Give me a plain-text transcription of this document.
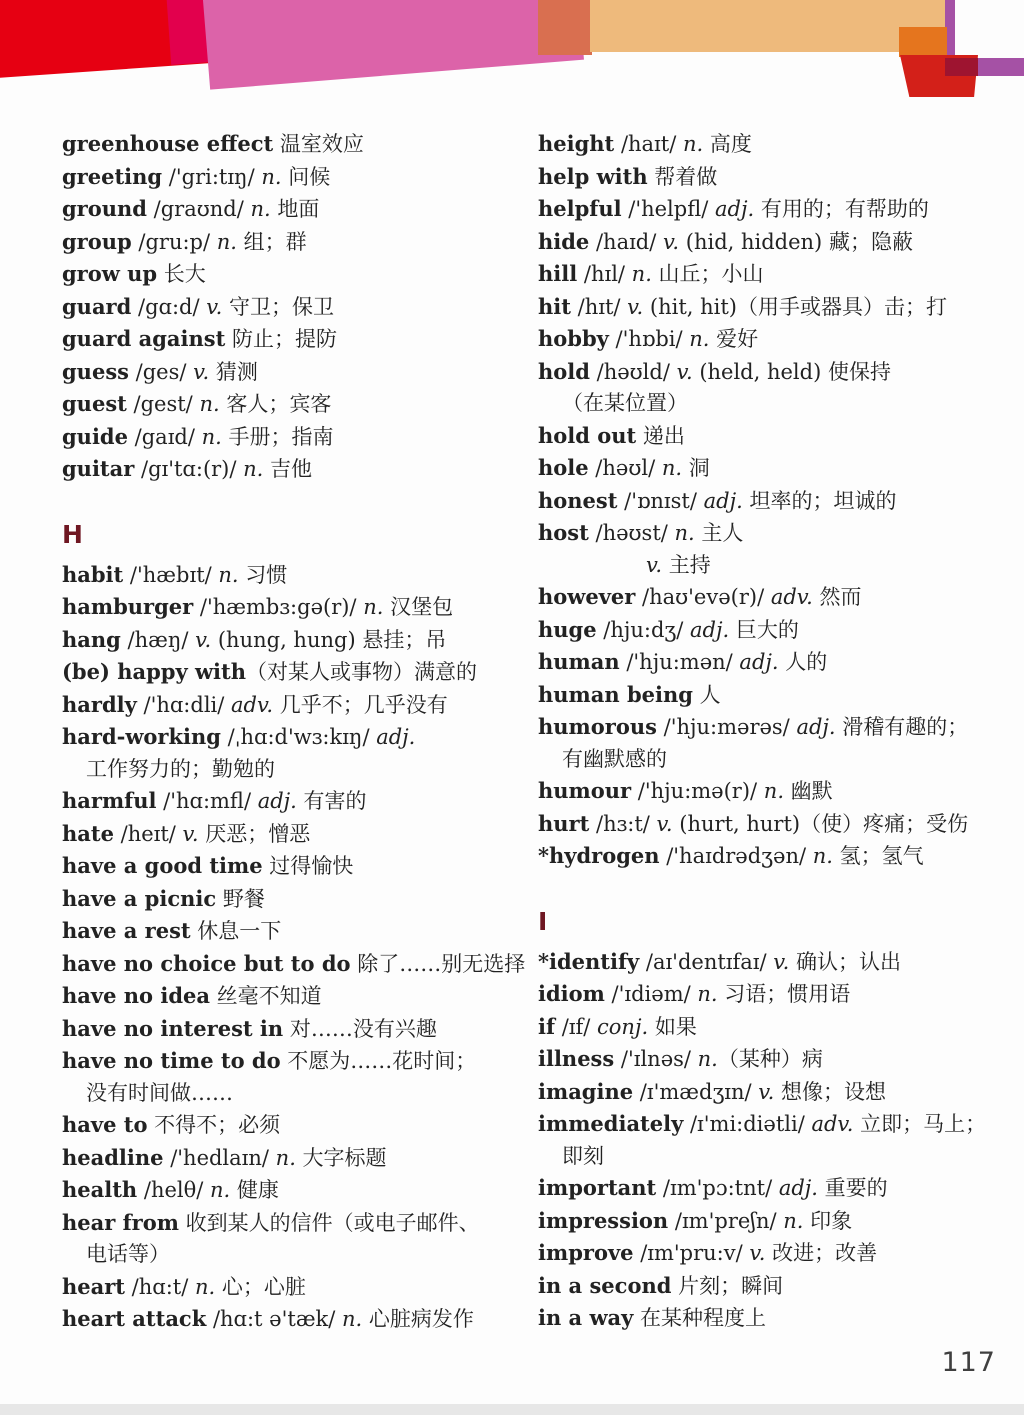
greenhouse effect 温室效应
greeting /'gri:tɪŋ/ n. 问候
ground /graʊnd/ n. 地面
group /gru:p/ n. 组；群
grow up 长大
guard /gɑ:d/ v. 守卫；保卫
guard against 防止；提防
guess /ges/ v. 猜测
guest /gest/ n. 客人；宾客
guide /gaɪd/ n. 手册；指南
guitar /gɪ'tɑ:(r)/ n. 吉他
H
habit /'hæbɪt/ n. 习惯
hamburger /'hæmbɜ:gə(r)/ n. 汉堡包
hang /hæŋ/ v. (hung, hung) 悬挂；吊
(be) happy with（对某人或事物）满意的
hardly /'hɑ:dli/ adv. 几乎不；几乎没有
hard-working /ˌhɑ:d'wɜ:kɪŋ/ adj.
工作努力的；勤勉的
harmful /'hɑ:mfl/ adj. 有害的
hate /heɪt/ v. 厌恶；憎恶
have a good time 过得愉快
have a picnic 野餐
have a rest 休息一下
have no choice but to do 除了……别无选择
have no idea 丝毫不知道
have no interest in 对……没有兴趣
have no time to do 不愿为……花时间；
没有时间做……
have to 不得不；必须
headline /'hedlaɪn/ n. 大字标题
health /helθ/ n. 健康
hear from 收到某人的信件（或电子邮件、
电话等）
heart /hɑ:t/ n. 心；心脏
heart attack /hɑ:t ə'tæk/ n. 心脏病发作
height /haɪt/ n. 高度
help with 帮着做
helpful /'helpfl/ adj. 有用的；有帮助的
hide /haɪd/ v. (hid, hidden) 藏；隐蔽
hill /hɪl/ n. 山丘；小山
hit /hɪt/ v. (hit, hit)（用手或器具）击；打
hobby /'hɒbi/ n. 爱好
hold /həʊld/ v. (held, held) 使保持
（在某位置）
hold out 递出
hole /həʊl/ n. 洞
honest /'ɒnɪst/ adj. 坦率的；坦诚的
host /həʊst/ n. 主人
v. 主持
however /haʊ'evə(r)/ adv. 然而
huge /hju:dʒ/ adj. 巨大的
human /'hju:mən/ adj. 人的
human being 人
humorous /'hju:mərəs/ adj. 滑稽有趣的；
有幽默感的
humour /'hju:mə(r)/ n. 幽默
hurt /hɜ:t/ v. (hurt, hurt)（使）疼痛；受伤
*hydrogen /'haɪdrədʒən/ n. 氢；氢气
I
*identify /aɪ'dentɪfaɪ/ v. 确认；认出
idiom /'ɪdiəm/ n. 习语；惯用语
if /ɪf/ conj. 如果
illness /'ɪlnəs/ n.（某种）病
imagine /ɪ'mædʒɪn/ v. 想像；设想
immediately /ɪ'mi:diətli/ adv. 立即；马上；
即刻
important /ɪm'pɔ:tnt/ adj. 重要的
impression /ɪm'preʃn/ n. 印象
improve /ɪm'pru:v/ v. 改进；改善
in a second 片刻；瞬间
in a way 在某种程度上
117
